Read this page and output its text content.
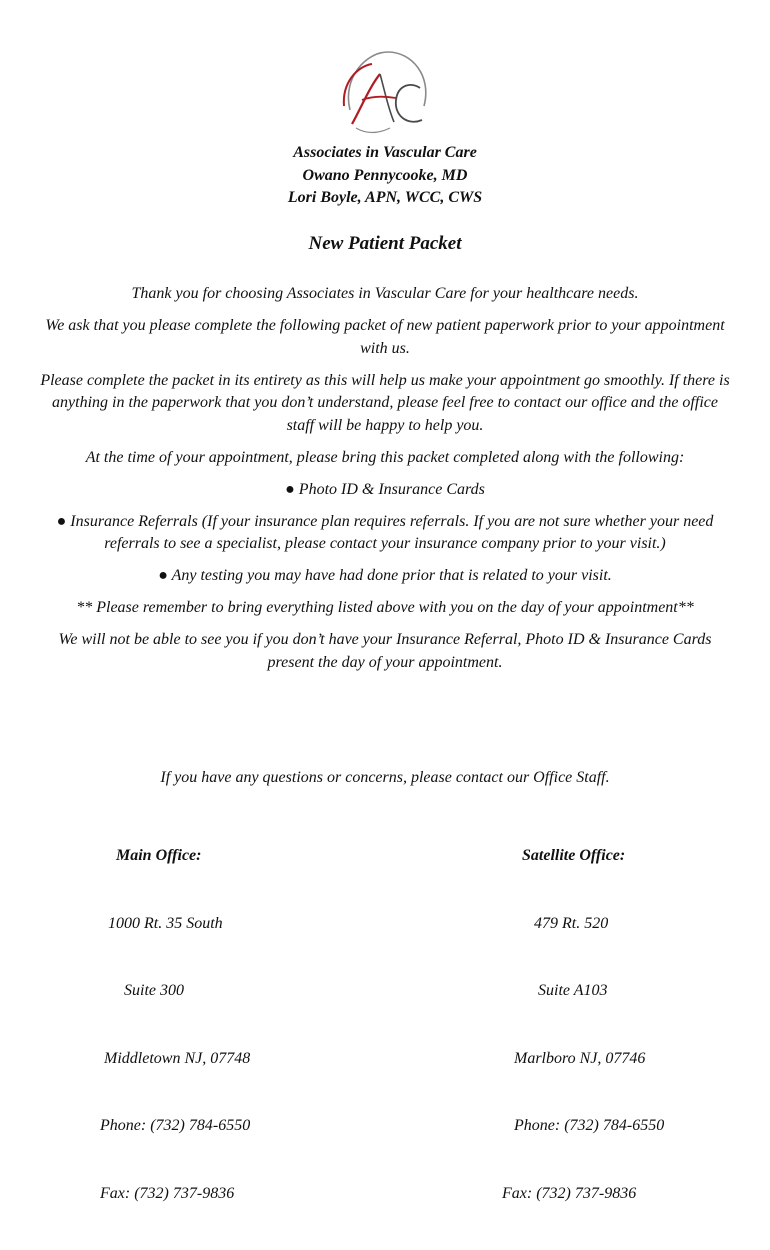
Associates in Vascular Care
Owano Pennycooke, MD
Lori Boyle, APN, WCC, CWS
New Patient Packet

Thank you for choosing Associates in Vascular Care for your healthcare needs.

We ask that you please complete the following packet of new patient paperwork prior to your appointment with us.

Please complete the packet in its entirety as this will help us make your appointment go smoothly. If there is anything in the paperwork that you don’t understand, please feel free to contact our office and the office staff will be happy to help you.

At the time of your appointment, please bring this packet completed along with the following:

● Photo ID & Insurance Cards

● Insurance Referrals (If your insurance plan requires referrals. If you are not sure whether your need referrals to see a specialist, please contact your insurance company prior to your visit.)

● Any testing you may have had done prior that is related to your visit.

** Please remember to bring everything listed above with you on the day of your appointment**

We will not be able to see you if you don’t have your Insurance Referral, Photo ID & Insurance Cards present the day of your appointment.

If you have any questions or concerns, please contact our Office Staff.

Main Office:

1000 Rt. 35 South

Suite 300

Middletown NJ, 07748

Phone: (732) 784-6550

Fax: (732) 737-9836

Satellite Office:

479 Rt. 520

Suite A103

Marlboro NJ, 07746

Phone: (732) 784-6550

Fax: (732) 737-9836
